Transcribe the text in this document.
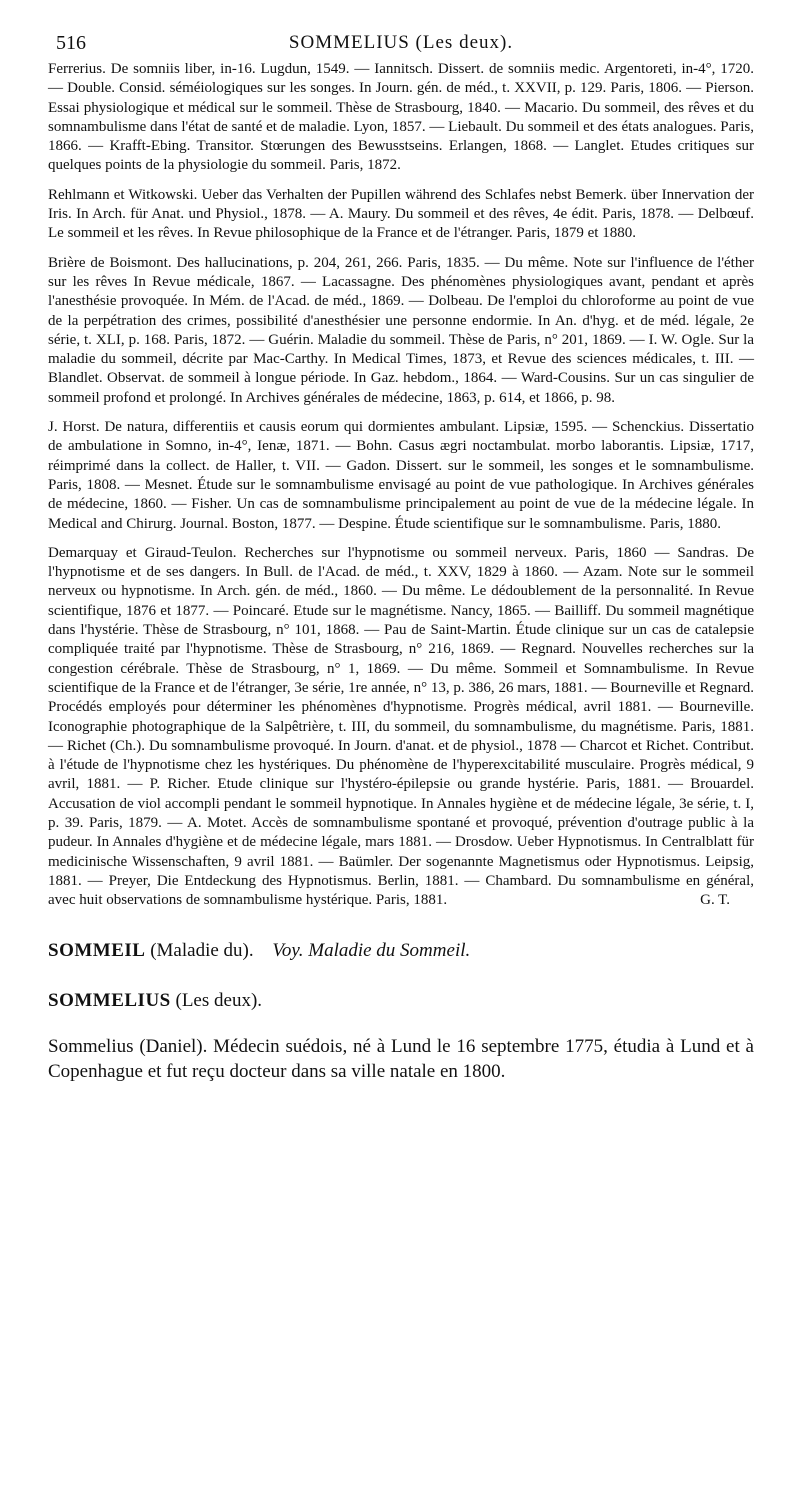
516	SOMMELIUS (Les deux).

Ferrerius. De somniis liber, in-16. Lugdun, 1549. — Iannitsch. Dissert. de somniis medic. Argentoreti, in-4°, 1720. — Double. Consid. séméiologiques sur les songes. In Journ. gén. de méd., t. XXVII, p. 129. Paris, 1806. — Pierson. Essai physiologique et médical sur le sommeil. Thèse de Strasbourg, 1840. — Macario. Du sommeil, des rêves et du somnambulisme dans l'état de santé et de maladie. Lyon, 1857. — Liebault. Du sommeil et des états analogues. Paris, 1866. — Krafft-Ebing. Transitor. Stœrungen des Bewusstseins. Erlangen, 1868. — Langlet. Etudes critiques sur quelques points de la physiologie du sommeil. Paris, 1872.

Rehlmann et Witkowski. Ueber das Verhalten der Pupillen während des Schlafes nebst Bemerk. über Innervation der Iris. In Arch. für Anat. und Physiol., 1878. — A. Maury. Du sommeil et des rêves, 4e édit. Paris, 1878. — Delbœuf. Le sommeil et les rêves. In Revue philosophique de la France et de l'étranger. Paris, 1879 et 1880.

Brière de Boismont. Des hallucinations, p. 204, 261, 266. Paris, 1835. — Du même. Note sur l'influence de l'éther sur les rêves In Revue médicale, 1867. — Lacassagne. Des phénomènes physiologiques avant, pendant et après l'anesthésie provoquée. In Mém. de l'Acad. de méd., 1869. — Dolbeau. De l'emploi du chloroforme au point de vue de la perpétration des crimes, possibilité d'anesthésier une personne endormie. In An. d'hyg. et de méd. légale, 2e série, t. XLI, p. 168. Paris, 1872. — Guérin. Maladie du sommeil. Thèse de Paris, n° 201, 1869. — I. W. Ogle. Sur la maladie du sommeil, décrite par Mac-Carthy. In Medical Times, 1873, et Revue des sciences médicales, t. III. — Blandlet. Observat. de sommeil à longue période. In Gaz. hebdom., 1864. — Ward-Cousins. Sur un cas singulier de sommeil profond et prolongé. In Archives générales de médecine, 1863, p. 614, et 1866, p. 98.

J. Horst. De natura, differentiis et causis eorum qui dormientes ambulant. Lipsiæ, 1595. — Schenckius. Dissertatio de ambulatione in Somno, in-4°, Ienæ, 1871. — Bohn. Casus ægri noctambulat. morbo laborantis. Lipsiæ, 1717, réimprimé dans la collect. de Haller, t. VII. — Gadon. Dissert. sur le sommeil, les songes et le somnambulisme. Paris, 1808. — Mesnet. Étude sur le somnambulisme envisagé au point de vue pathologique. In Archives générales de médecine, 1860. — Fisher. Un cas de somnambulisme principalement au point de vue de la médecine légale. In Medical and Chirurg. Journal. Boston, 1877. — Despine. Étude scientifique sur le somnambulisme. Paris, 1880.

Demarquay et Giraud-Teulon. Recherches sur l'hypnotisme ou sommeil nerveux. Paris, 1860 — Sandras. De l'hypnotisme et de ses dangers. In Bull. de l'Acad. de méd., t. XXV, 1829 à 1860. — Azam. Note sur le sommeil nerveux ou hypnotisme. In Arch. gén. de méd., 1860. — Du même. Le dédoublement de la personnalité. In Revue scientifique, 1876 et 1877. — Poincaré. Etude sur le magnétisme. Nancy, 1865. — Bailliff. Du sommeil magnétique dans l'hystérie. Thèse de Strasbourg, n° 101, 1868. — Pau de Saint-Martin. Étude clinique sur un cas de catalepsie compliquée traité par l'hypnotisme. Thèse de Strasbourg, n° 216, 1869. — Regnard. Nouvelles recherches sur la congestion cérébrale. Thèse de Strasbourg, n° 1, 1869. — Du même. Sommeil et Somnambulisme. In Revue scientifique de la France et de l'étranger, 3e série, 1re année, n° 13, p. 386, 26 mars, 1881. — Bourneville et Regnard. Procédés employés pour déterminer les phénomènes d'hypnotisme. Progrès médical, avril 1881. — Bourneville. Iconographie photographique de la Salpêtrière, t. III, du sommeil, du somnambulisme, du magnétisme. Paris, 1881. — Richet (Ch.). Du somnambulisme provoqué. In Journ. d'anat. et de physiol., 1878 — Charcot et Richet. Contribut. à l'étude de l'hypnotisme chez les hystériques. Du phénomène de l'hyperexcitabilité musculaire. Progrès médical, 9 avril, 1881. — P. Richer. Etude clinique sur l'hystéro-épilepsie ou grande hystérie. Paris, 1881. — Brouardel. Accusation de viol accompli pendant le sommeil hypnotique. In Annales hygiène et de médecine légale, 3e série, t. I, p. 39. Paris, 1879. — A. Motet. Accès de somnambulisme spontané et provoqué, prévention d'outrage public à la pudeur. In Annales d'hygiène et de médecine légale, mars 1881. — Drosdow. Ueber Hypnotismus. In Centralblatt für medicinische Wissenschaften, 9 avril 1881. — Baümler. Der sogenannte Magnetismus oder Hypnotismus. Leipsig, 1881. — Preyer, Die Entdeckung des Hypnotismus. Berlin, 1881. — Chambard. Du somnambulisme en général, avec huit observations de somnambulisme hystérique. Paris, 1881.	G. T.

SOMMEIL (Maladie du). Voy. Maladie du Sommeil.
SOMMELIUS (Les deux).

Sommelius (Daniel). Médecin suédois, né à Lund le 16 septembre 1775, étudia à Lund et à Copenhague et fut reçu docteur dans sa ville natale en 1800.
